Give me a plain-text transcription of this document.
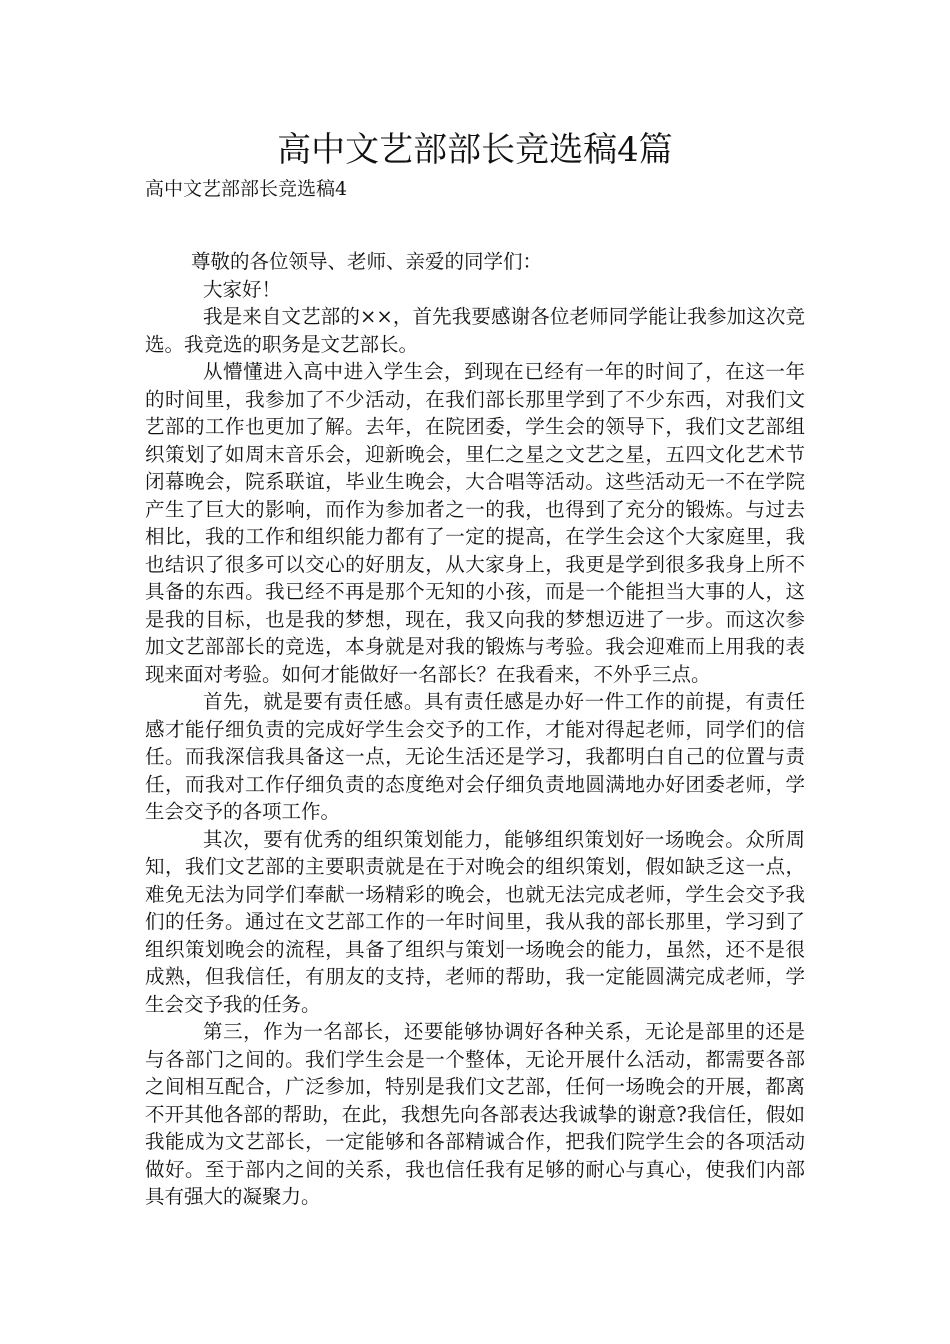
高中文艺部部长竞选稿4篇
高中文艺部部长竞选稿4

尊敬的各位领导、老师、亲爱的同学们：

大家好！

我是来自文艺部的××，首先我要感谢各位老师同学能让我参加这次竞选。我竞选的职务是文艺部长。

从懵懂进入高中进入学生会，到现在已经有一年的时间了，在这一年的时间里，我参加了不少活动，在我们部长那里学到了不少东西，对我们文艺部的工作也更加了解。去年，在院团委，学生会的领导下，我们文艺部组织策划了如周末音乐会，迎新晚会，里仁之星之文艺之星，五四文化艺术节闭幕晚会，院系联谊，毕业生晚会，大合唱等活动。这些活动无一不在学院产生了巨大的影响，而作为参加者之一的我，也得到了充分的锻炼。与过去相比，我的工作和组织能力都有了一定的提高，在学生会这个大家庭里，我也结识了很多可以交心的好朋友，从大家身上，我更是学到很多我身上所不具备的东西。我已经不再是那个无知的小孩，而是一个能担当大事的人，这是我的目标，也是我的梦想，现在，我又向我的梦想迈进了一步。而这次参加文艺部部长的竞选，本身就是对我的锻炼与考验。我会迎难而上用我的表现来面对考验。如何才能做好一名部长？在我看来，不外乎三点。

首先，就是要有责任感。具有责任感是办好一件工作的前提，有责任感才能仔细负责的完成好学生会交予的工作，才能对得起老师，同学们的信任。而我深信我具备这一点，无论生活还是学习，我都明白自己的位置与责任，而我对工作仔细负责的态度绝对会仔细负责地圆满地办好团委老师，学生会交予的各项工作。

其次，要有优秀的组织策划能力，能够组织策划好一场晚会。众所周知，我们文艺部的主要职责就是在于对晚会的组织策划，假如缺乏这一点，难免无法为同学们奉献一场精彩的晚会，也就无法完成老师，学生会交予我们的任务。通过在文艺部工作的一年时间里，我从我的部长那里，学习到了组织策划晚会的流程，具备了组织与策划一场晚会的能力，虽然，还不是很成熟，但我信任，有朋友的支持，老师的帮助，我一定能圆满完成老师，学生会交予我的任务。

第三，作为一名部长，还要能够协调好各种关系，无论是部里的还是与各部门之间的。我们学生会是一个整体，无论开展什么活动，都需要各部之间相互配合，广泛参加，特别是我们文艺部，任何一场晚会的开展，都离不开其他各部的帮助，在此，我想先向各部表达我诚挚的谢意?我信任，假如我能成为文艺部长，一定能够和各部精诚合作，把我们院学生会的各项活动做好。至于部内之间的关系，我也信任我有足够的耐心与真心，使我们内部具有强大的凝聚力。
